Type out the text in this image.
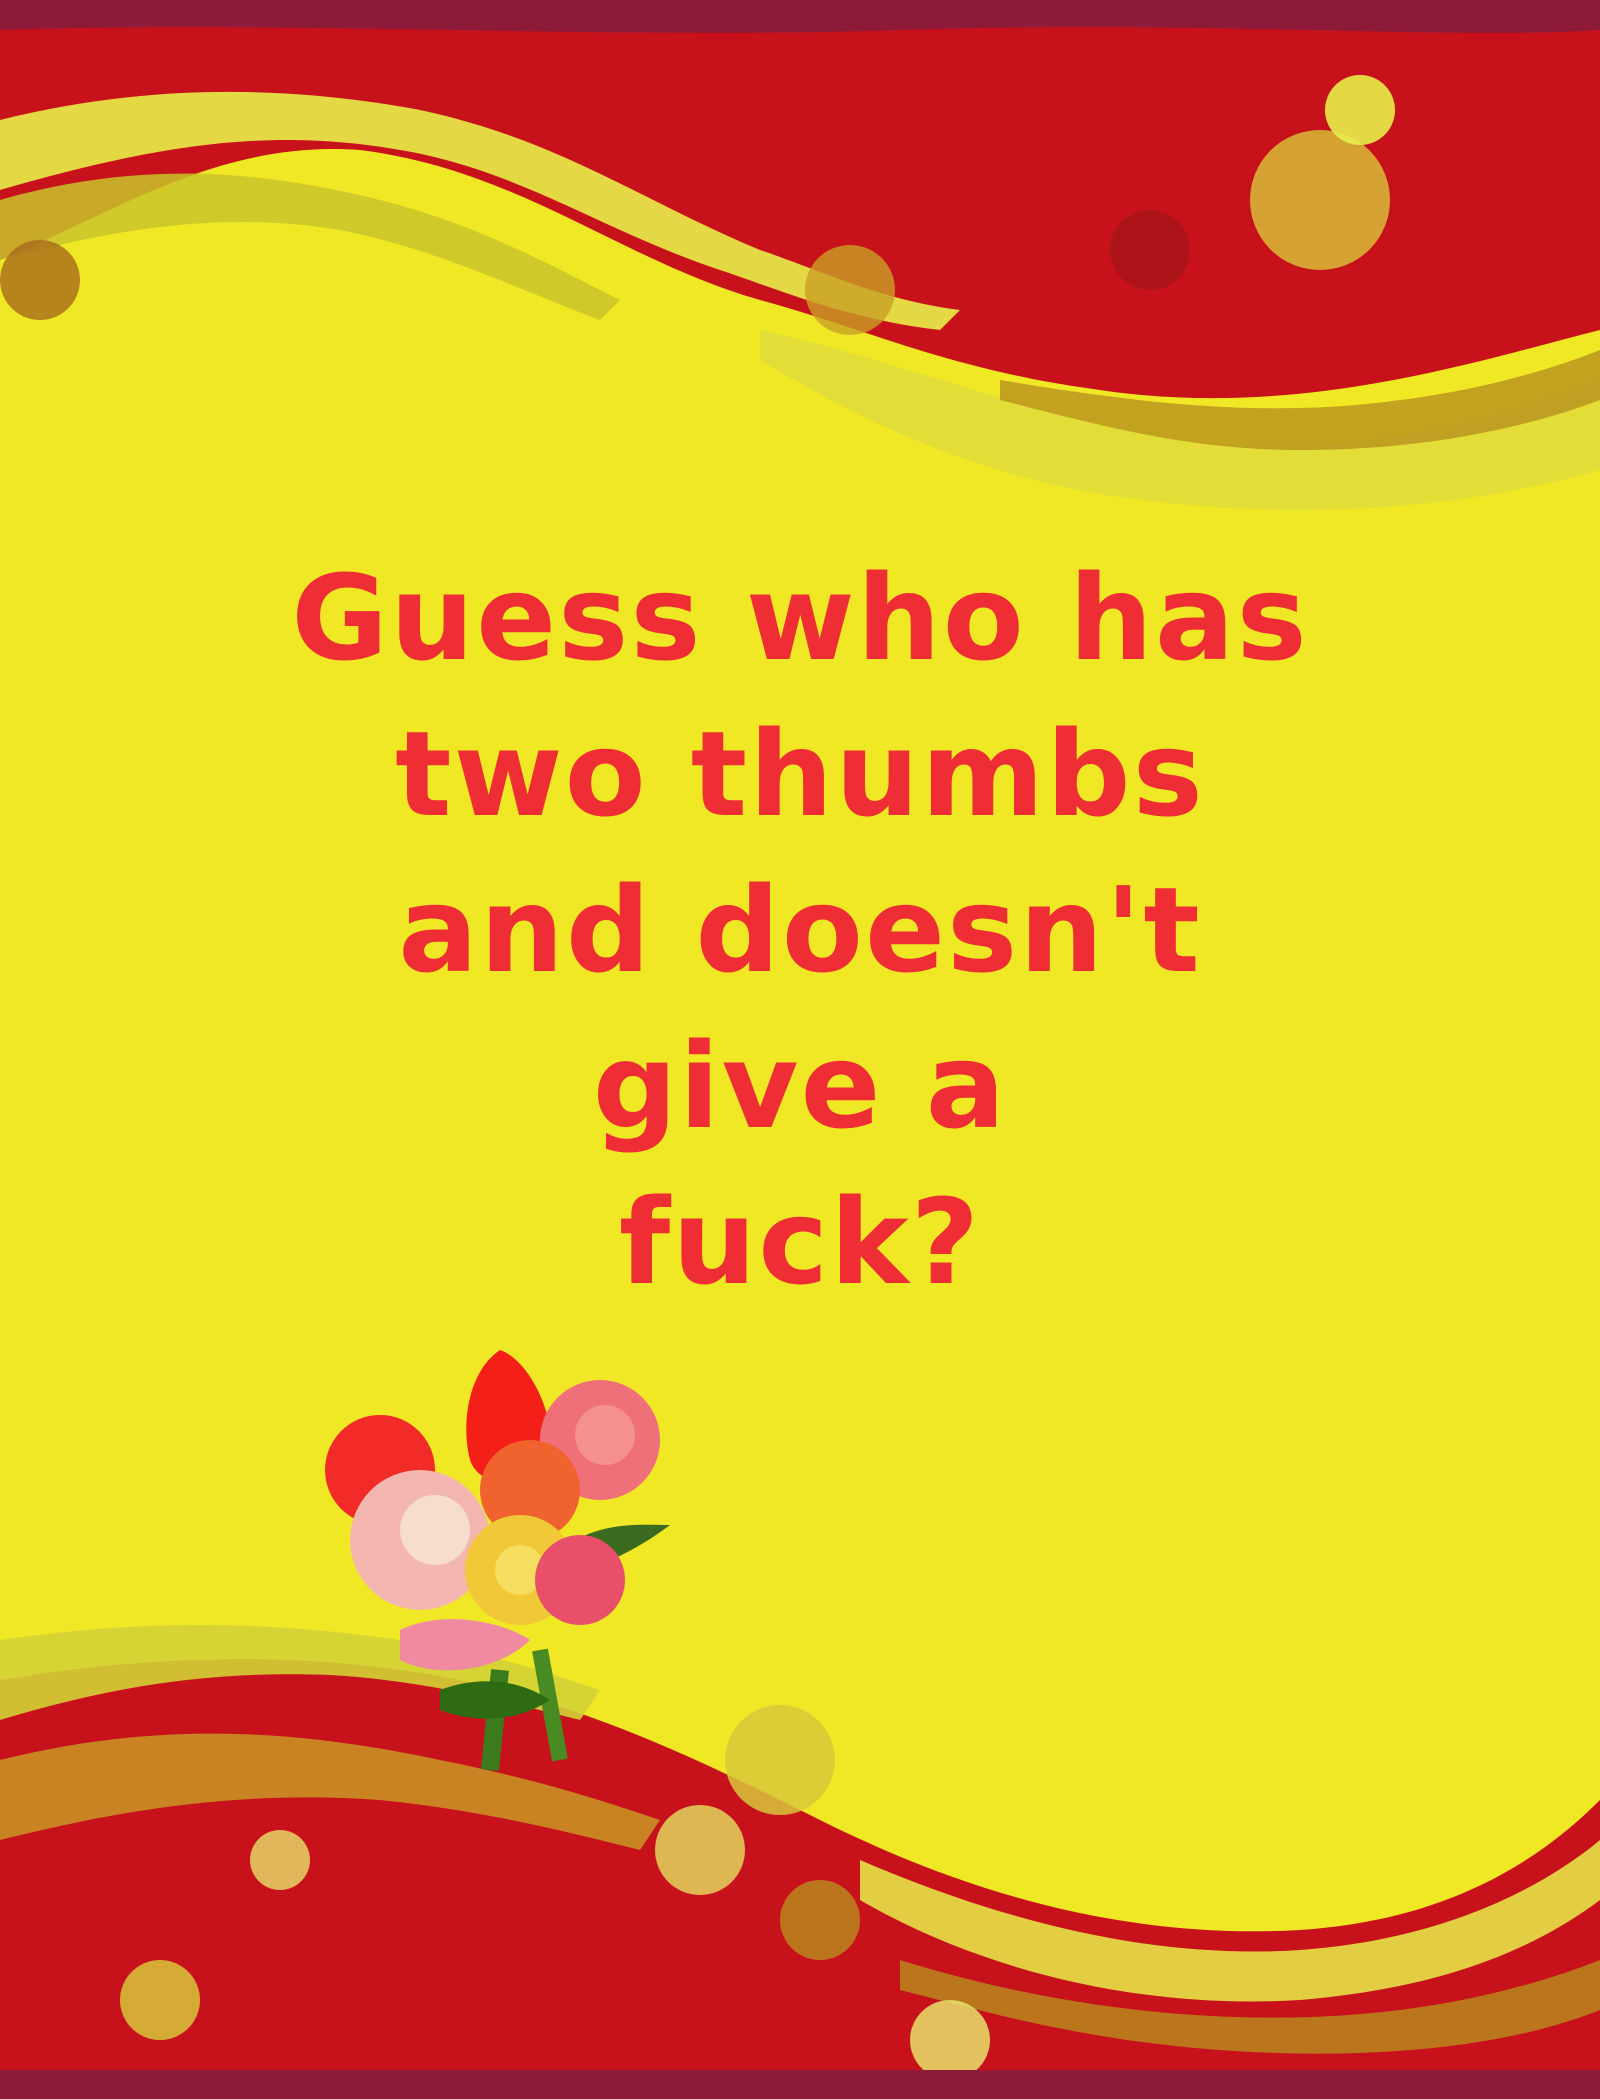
Guess who has
two thumbs
and doesn't
give a
fuck?
